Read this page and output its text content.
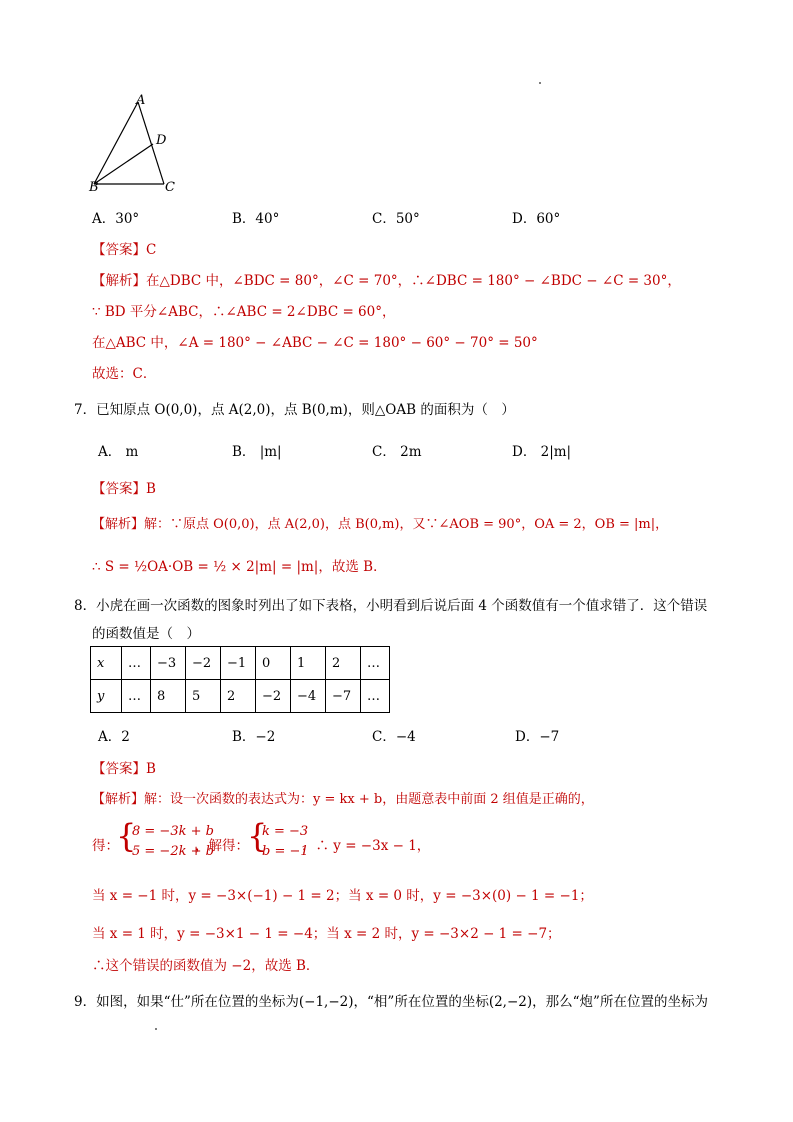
A
D
B	C
A．30°	B．40°	C．50°	D．60°
【答案】C
【解析】在△DBC 中，∠BDC = 80°，∠C = 70°，∴∠DBC = 180° − ∠BDC − ∠C = 30°，
∵ BD 平分∠ABC，∴∠ABC = 2∠DBC = 60°，
在△ABC 中，∠A = 180° − ∠ABC − ∠C = 180° − 60° − 70° = 50°
故选：C．
7．已知原点 O(0,0)，点 A(2,0)，点 B(0,m)，则△OAB 的面积为（　）
A． m	B． |m|	C． 2m	D． 2|m|
【答案】B
【解析】解：∵原点 O(0,0)，点 A(2,0)，点 B(0,m)，又∵∠AOB = 90°，OA = 2，OB = |m|，
∴ S = ½OA·OB = ½ × 2|m| = |m|，故选 B．
8．小虎在画一次函数的图象时列出了如下表格，小明看到后说后面 4 个函数值有一个值求错了．这个错误
的函数值是（　）
x	…	−3	−2	−1	0	1	2	…
y	…	8	5	2	−2	−4	−7	…
A．2	B．−2	C．−4	D．−7
【答案】B
【解析】解：设一次函数的表达式为：y = kx + b，由题意表中前面 2 组值是正确的，
得：
{
8 = −3k + b
5 = −2k + b
，解得：
{
k = −3
b = −1
，∴ y = −3x − 1，
当 x = −1 时，y = −3×(−1) − 1 = 2；当 x = 0 时，y = −3×(0) − 1 = −1；
当 x = 1 时，y = −3×1 − 1 = −4；当 x = 2 时，y = −3×2 − 1 = −7；
∴这个错误的函数值为 −2，故选 B．
9．如图，如果“仕”所在位置的坐标为(−1,−2)，“相”所在位置的坐标(2,−2)，那么“炮”所在位置的坐标为
